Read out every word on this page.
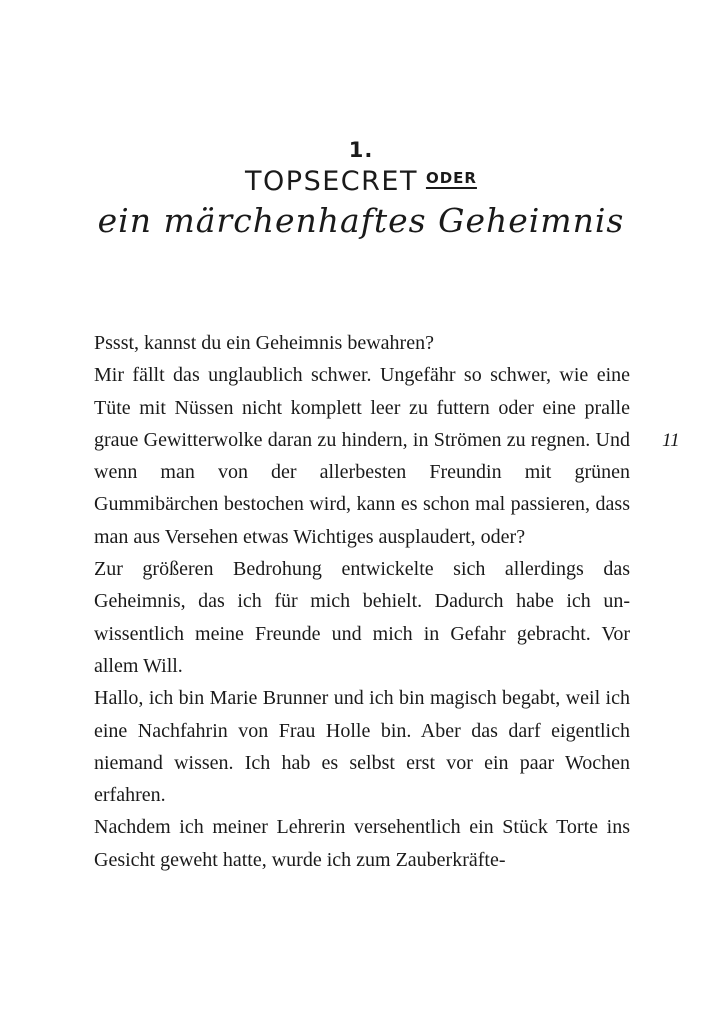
1.
TOPSECRET $^{ODER}$
ein märchenhaftes Geheimnis

Pssst, kannst du ein Geheimnis bewahren?

Mir fällt das unglaublich schwer. Ungefähr so schwer, wie eine Tüte mit Nüssen nicht komplett leer zu futtern oder eine pralle graue Gewitterwolke daran zu hindern, in Strömen zu regnen. Und wenn man von der allerbesten Freundin mit grünen Gummibärchen bestochen wird, kann es schon mal passieren, dass man aus Versehen etwas Wichtiges ausplaudert, oder?

Zur größeren Bedrohung entwickelte sich allerdings das Geheimnis, das ich für mich behielt. Dadurch habe ich unwissentlich meine Freunde und mich in Gefahr gebracht. Vor allem Will.

Hallo, ich bin Marie Brunner und ich bin magisch begabt, weil ich eine Nachfahrin von Frau Holle bin. Aber das darf eigentlich niemand wissen. Ich hab es selbst erst vor ein paar Wochen erfahren.

Nachdem ich meiner Lehrerin versehentlich ein Stück Torte ins Gesicht geweht hatte, wurde ich zum Zauberkräfte-

11
